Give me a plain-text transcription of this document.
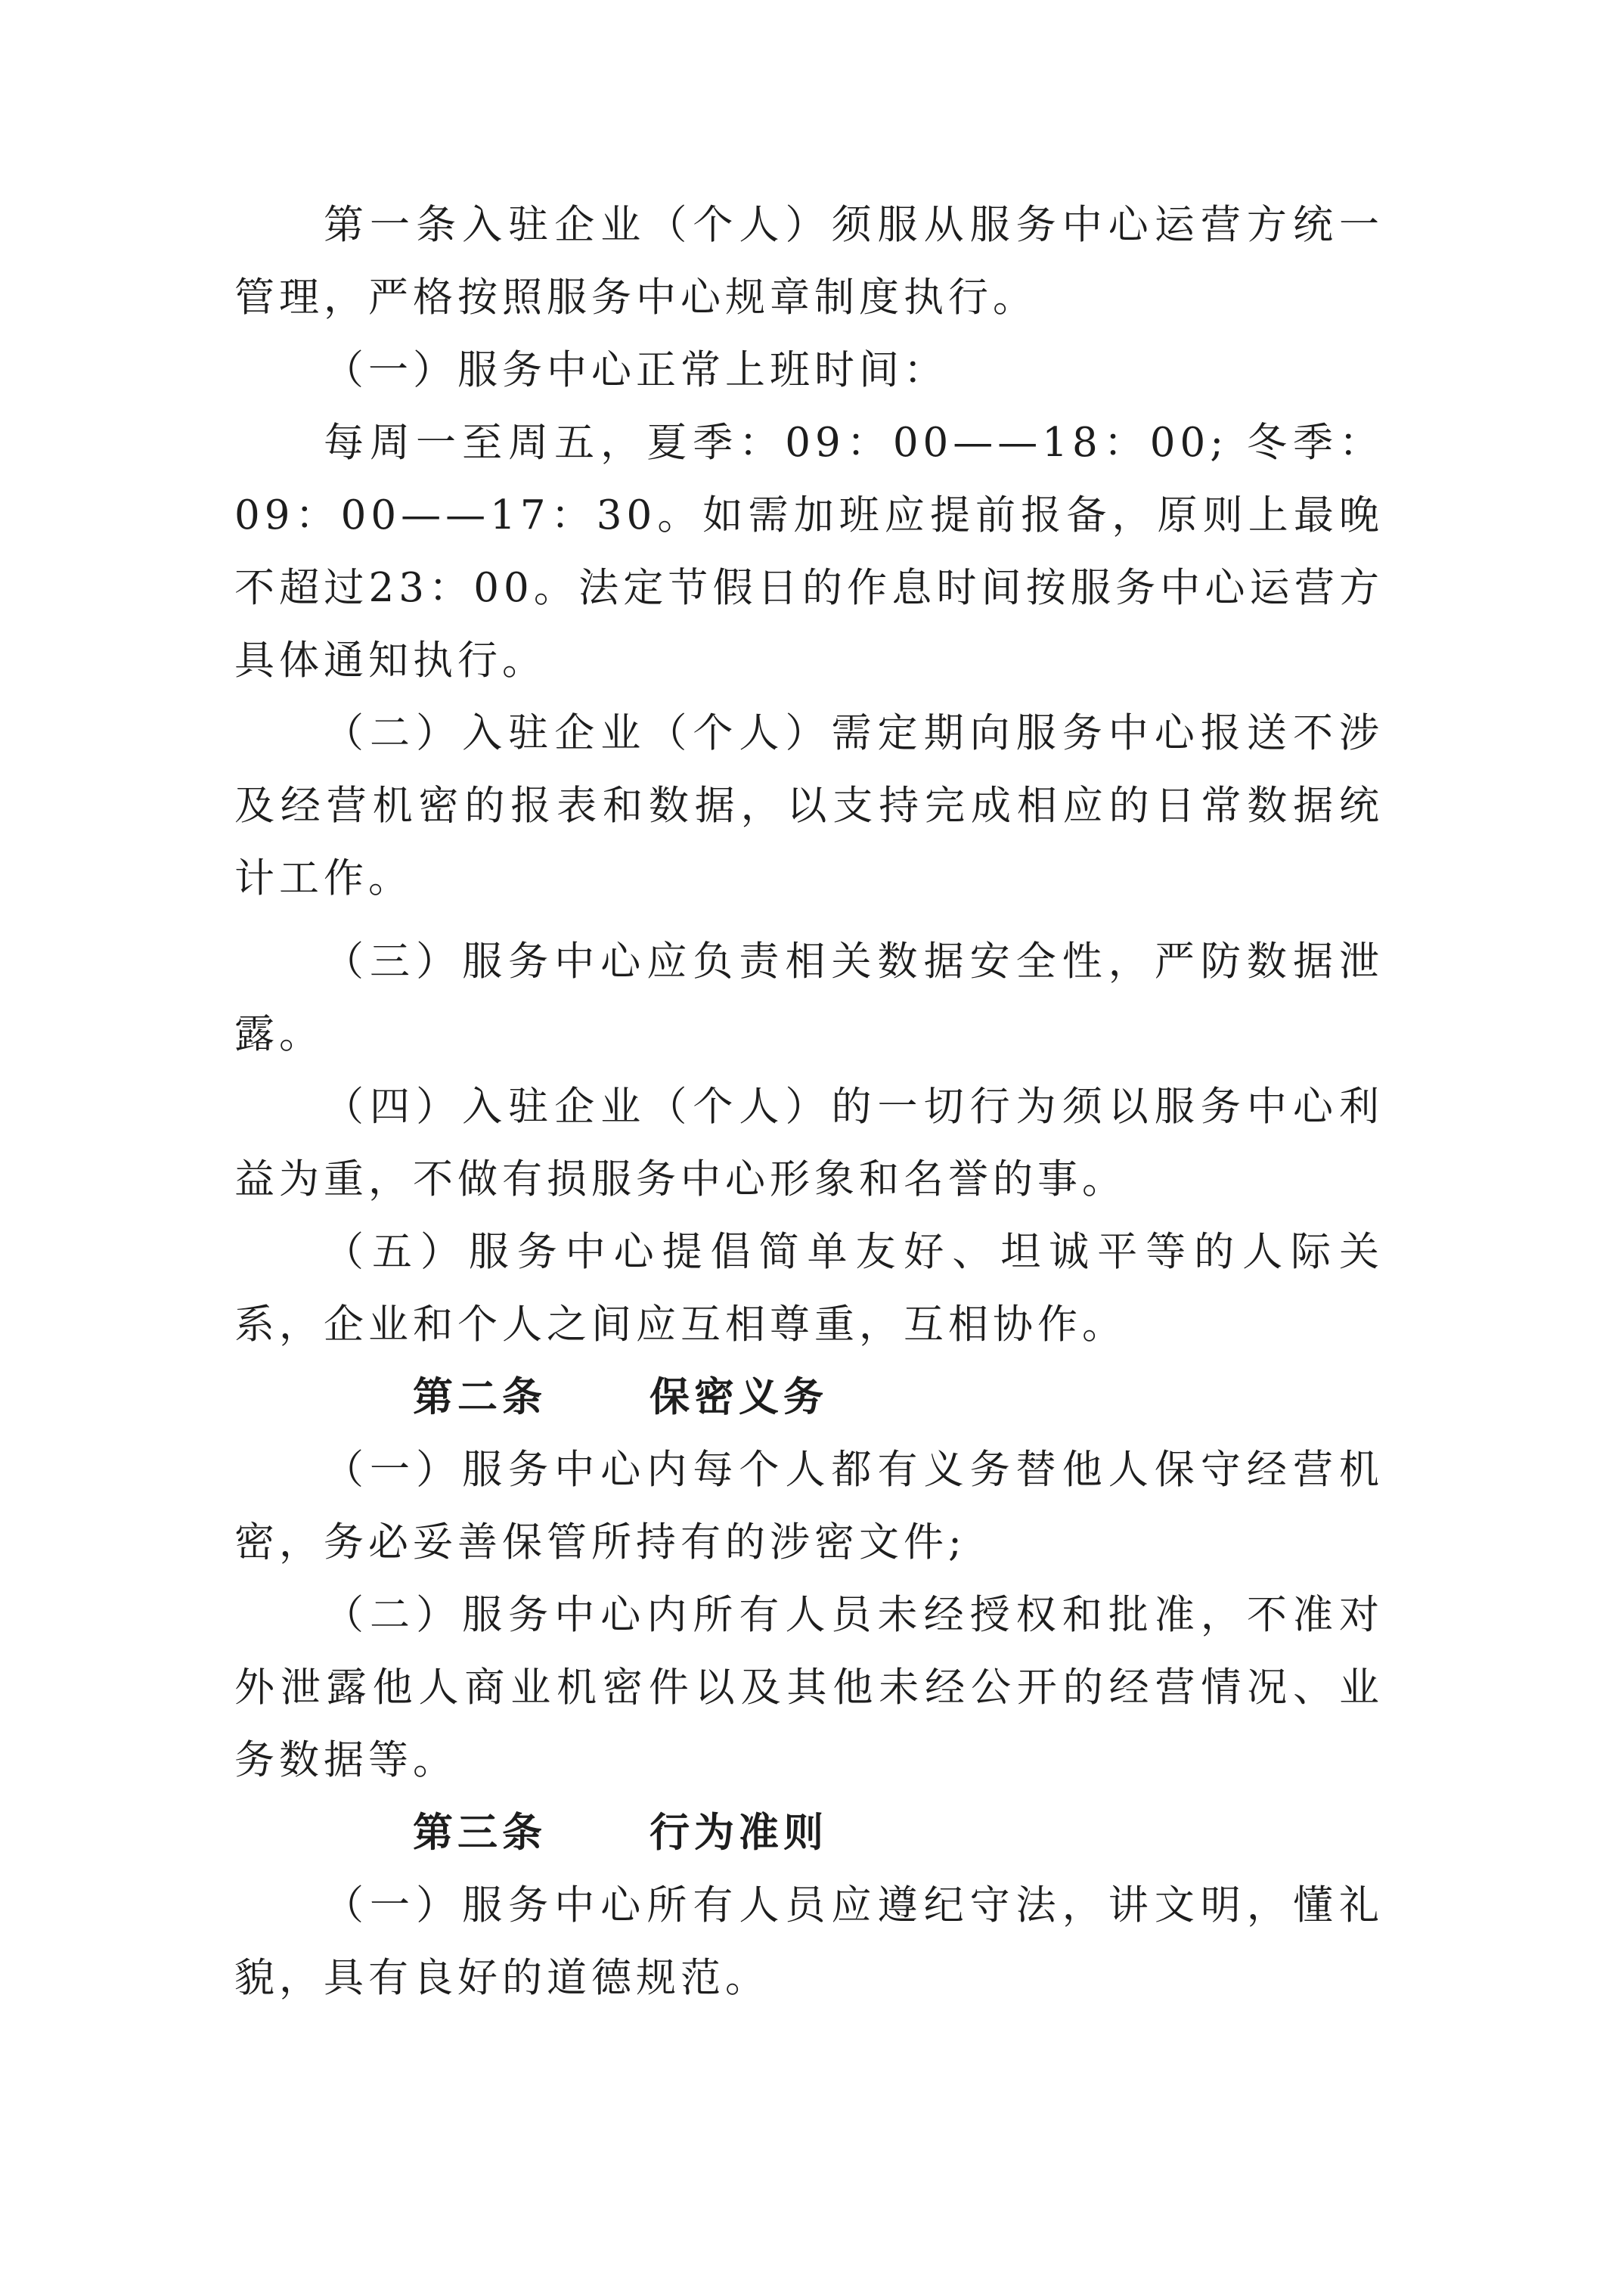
第一条入驻企业（个人）须服从服务中心运营方统一管理，严格按照服务中心规章制度执行。

（一）服务中心正常上班时间：

每周一至周五，夏季：09：00——18：00; 冬季：09：00——17：30。如需加班应提前报备，原则上最晚不超过23：00。法定节假日的作息时间按服务中心运营方具体通知执行。

（二）入驻企业（个人）需定期向服务中心报送不涉及经营机密的报表和数据，以支持完成相应的日常数据统计工作。

（三）服务中心应负责相关数据安全性，严防数据泄露。

（四）入驻企业（个人）的一切行为须以服务中心利益为重，不做有损服务中心形象和名誉的事。

（五）服务中心提倡简单友好、坦诚平等的人际关系，企业和个人之间应互相尊重，互相协作。

第二条	保密义务

（一）服务中心内每个人都有义务替他人保守经营机密，务必妥善保管所持有的涉密文件;

（二）服务中心内所有人员未经授权和批准，不准对外泄露他人商业机密件以及其他未经公开的经营情况、业务数据等。

第三条	行为准则

（一）服务中心所有人员应遵纪守法，讲文明，懂礼貌，具有良好的道德规范。
